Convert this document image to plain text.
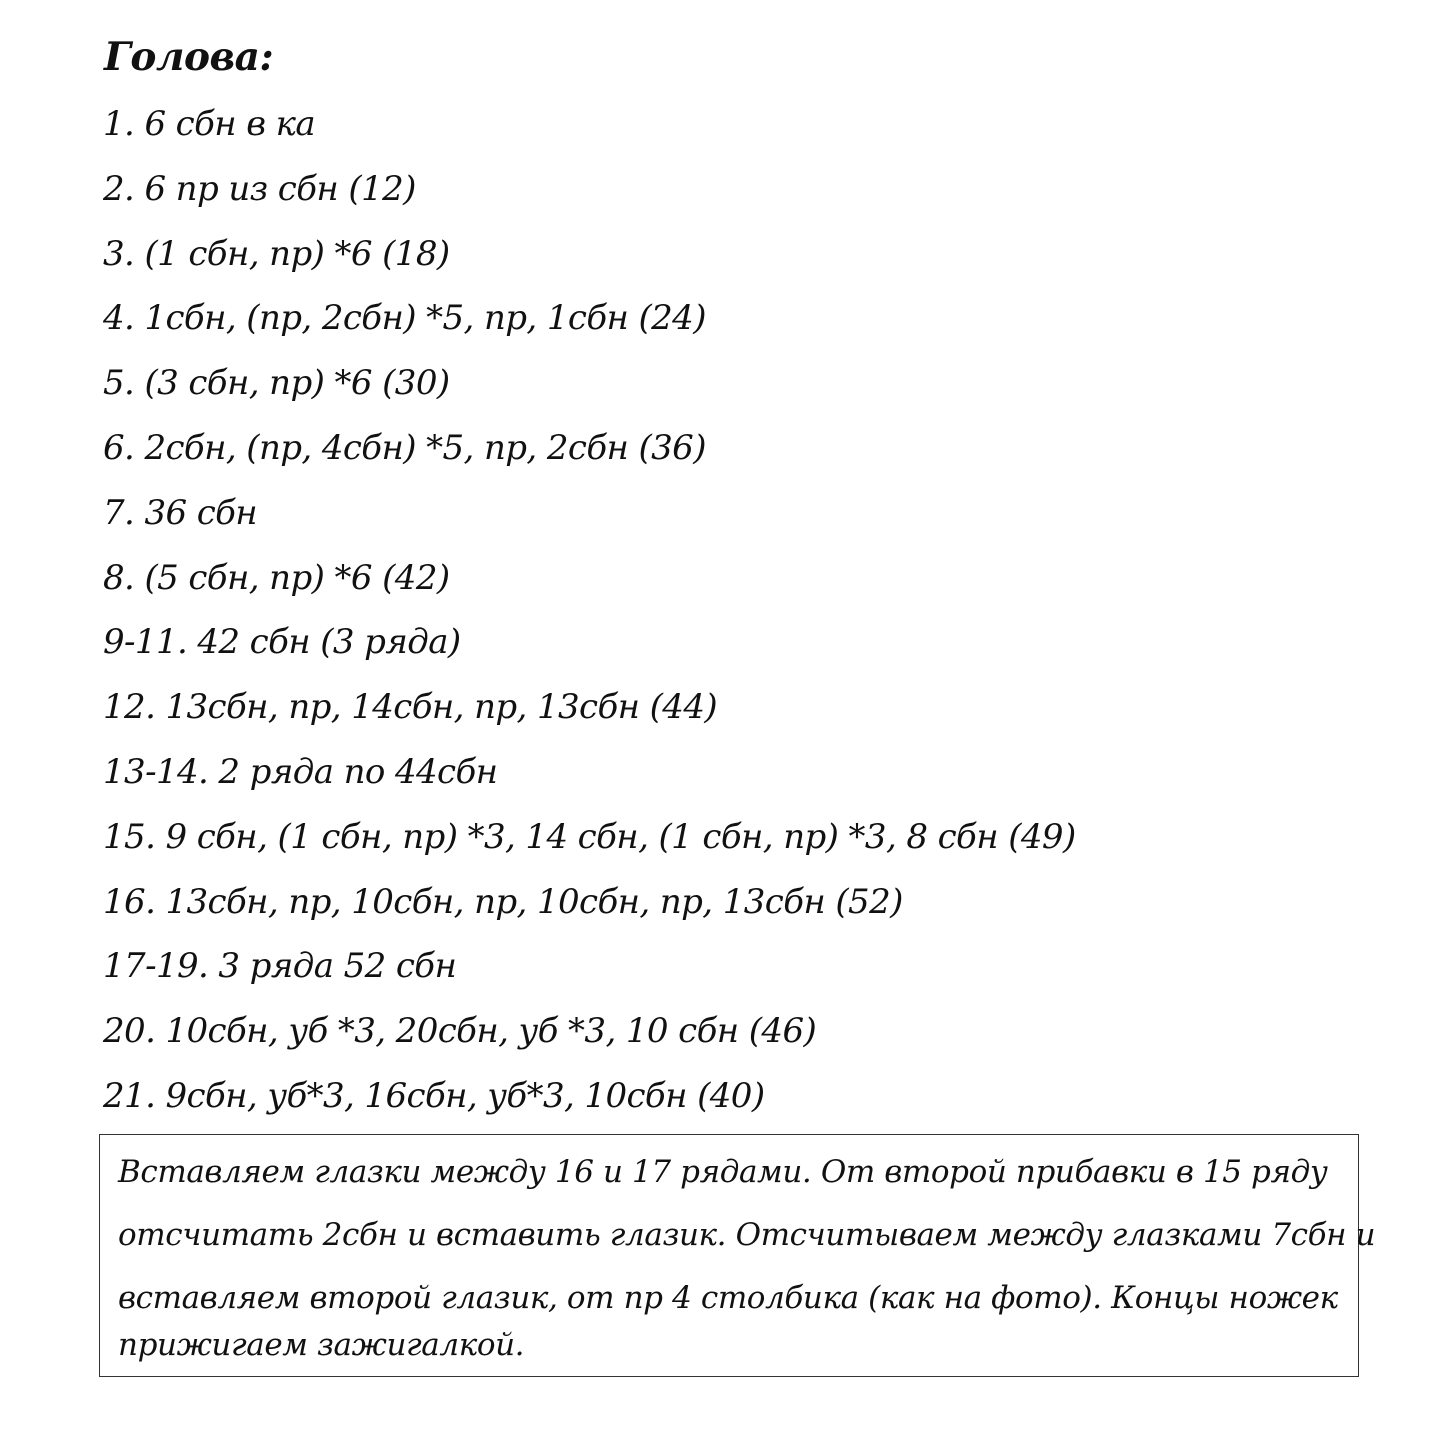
Голова:
1. 6 сбн в ка
2. 6 пр из сбн (12)
3. (1 сбн, пр) *6 (18)
4. 1сбн, (пр, 2сбн) *5, пр, 1сбн (24)
5. (3 сбн, пр) *6 (30)
6. 2сбн, (пр, 4сбн) *5, пр, 2сбн (36)
7. 36 сбн
8. (5 сбн, пр) *6 (42)
9-11. 42 сбн (3 ряда)
12. 13сбн, пр, 14сбн, пр, 13сбн (44)
13-14. 2 ряда по 44сбн
15. 9 сбн, (1 сбн, пр) *3, 14 сбн, (1 сбн, пр) *3, 8 сбн (49)
16. 13сбн, пр, 10сбн, пр, 10сбн, пр, 13сбн (52)
17-19. 3 ряда 52 сбн
20. 10сбн, уб *3, 20сбн, уб *3, 10 сбн (46)
21. 9сбн, уб*3, 16сбн, уб*3, 10сбн (40)
Вставляем глазки между 16 и 17 рядами. От второй прибавки в 15 ряду
отсчитать 2сбн и вставить глазик. Отсчитываем между глазками 7сбн и
вставляем второй глазик, от пр 4 столбика (как на фото). Концы ножек
прижигаем зажигалкой.
